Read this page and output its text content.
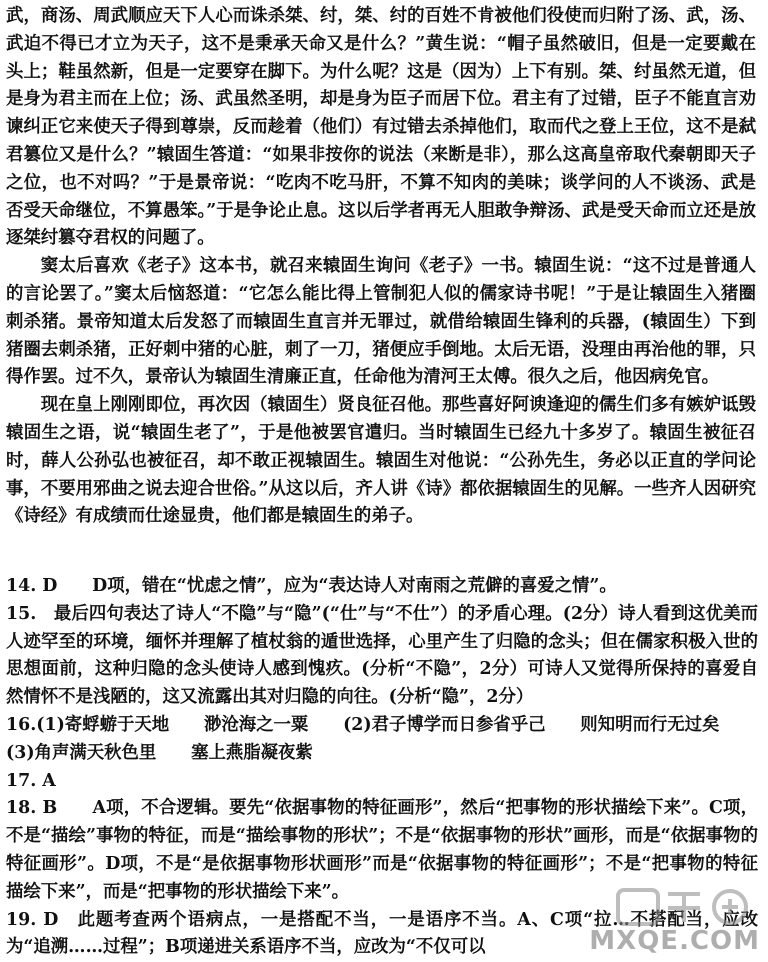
武，商汤、周武顺应天下人心而诛杀桀、纣，桀、纣的百姓不肯被他们役使而归附了汤、武，汤、武迫不得已才立为天子，这不是秉承天命又是什么？”黄生说：“帽子虽然破旧，但是一定要戴在头上；鞋虽然新，但是一定要穿在脚下。为什么呢？这是（因为）上下有别。桀、纣虽然无道，但是身为君主而在上位；汤、武虽然圣明，却是身为臣子而居下位。君主有了过错，臣子不能直言劝谏纠正它来使天子得到尊崇，反而趁着（他们）有过错去杀掉他们，取而代之登上王位，这不是弑君篡位又是什么？”辕固生答道：“如果非按你的说法（来断是非），那么这高皇帝取代秦朝即天子之位，也不对吗？”于是景帝说：“吃肉不吃马肝，不算不知肉的美味；谈学问的人不谈汤、武是否受天命继位，不算愚笨。”于是争论止息。这以后学者再无人胆敢争辩汤、武是受天命而立还是放逐桀纣篡夺君权的问题了。

窦太后喜欢《老子》这本书，就召来辕固生询问《老子》一书。辕固生说：“这不过是普通人的言论罢了。”窦太后恼怒道：“它怎么能比得上管制犯人似的儒家诗书呢！”于是让辕固生入猪圈刺杀猪。景帝知道太后发怒了而辕固生直言并无罪过，就借给辕固生锋利的兵器，(辕固生）下到猪圈去刺杀猪，正好刺中猪的心脏，刺了一刀，猪便应手倒地。太后无语，没理由再治他的罪，只得作罢。过不久，景帝认为辕固生清廉正直，任命他为清河王太傅。很久之后，他因病免官。

现在皇上刚刚即位，再次因（辕固生）贤良征召他。那些喜好阿谀逢迎的儒生们多有嫉妒诋毁辕固生之语，说“辕固生老了”，于是他被罢官遣归。当时辕固生已经九十多岁了。辕固生被征召时，薛人公孙弘也被征召，却不敢正视辕固生。辕固生对他说：“公孙先生，务必以正直的学问论事，不要用邪曲之说去迎合世俗。”从这以后，齐人讲《诗》都依据辕固生的见解。一些齐人因研究《诗经》有成绩而仕途显贵，他们都是辕固生的弟子。

14. D　　D项，错在“忧虑之情”，应为“表达诗人对南雨之荒僻的喜爱之情”。

15.　最后四句表达了诗人“不隐”与“隐”(“仕”与“不仕”）的矛盾心理。(2分）诗人看到这优美而人迹罕至的环境，缅怀并理解了植杖翁的遁世选择，心里产生了归隐的念头；但在儒家积极入世的思想面前，这种归隐的念头使诗人感到愧疚。(分析“不隐”，2分）可诗人又觉得所保持的喜爱自然情怀不是浅陋的，这又流露出其对归隐的向往。(分析“隐”，2分）

16.(1)寄蜉蝣于天地　　渺沧海之一粟　　(2)君子博学而日参省乎己　　则知明而行无过矣

(3)角声满天秋色里　　塞上燕脂凝夜紫

17. A

18. B　　A项，不合逻辑。要先“依据事物的特征画形”，然后“把事物的形状描绘下来”。C项，不是“描绘”事物的特征，而是“描绘事物的形状”；不是“依据事物的形状”画形，而是“依据事物的特征画形”。D项，不是“是依据事物形状画形”而是“依据事物的特征画形”；不是“把事物的特征描绘下来”，而是“把事物的形状描绘下来”。

19. D　此题考查两个语病点，一是搭配不当，一是语序不当。A、C项“拉…不搭配当，应改为“追溯……过程”；B项递进关系语序不当，应改为“不仅可以	MXQE.COM
